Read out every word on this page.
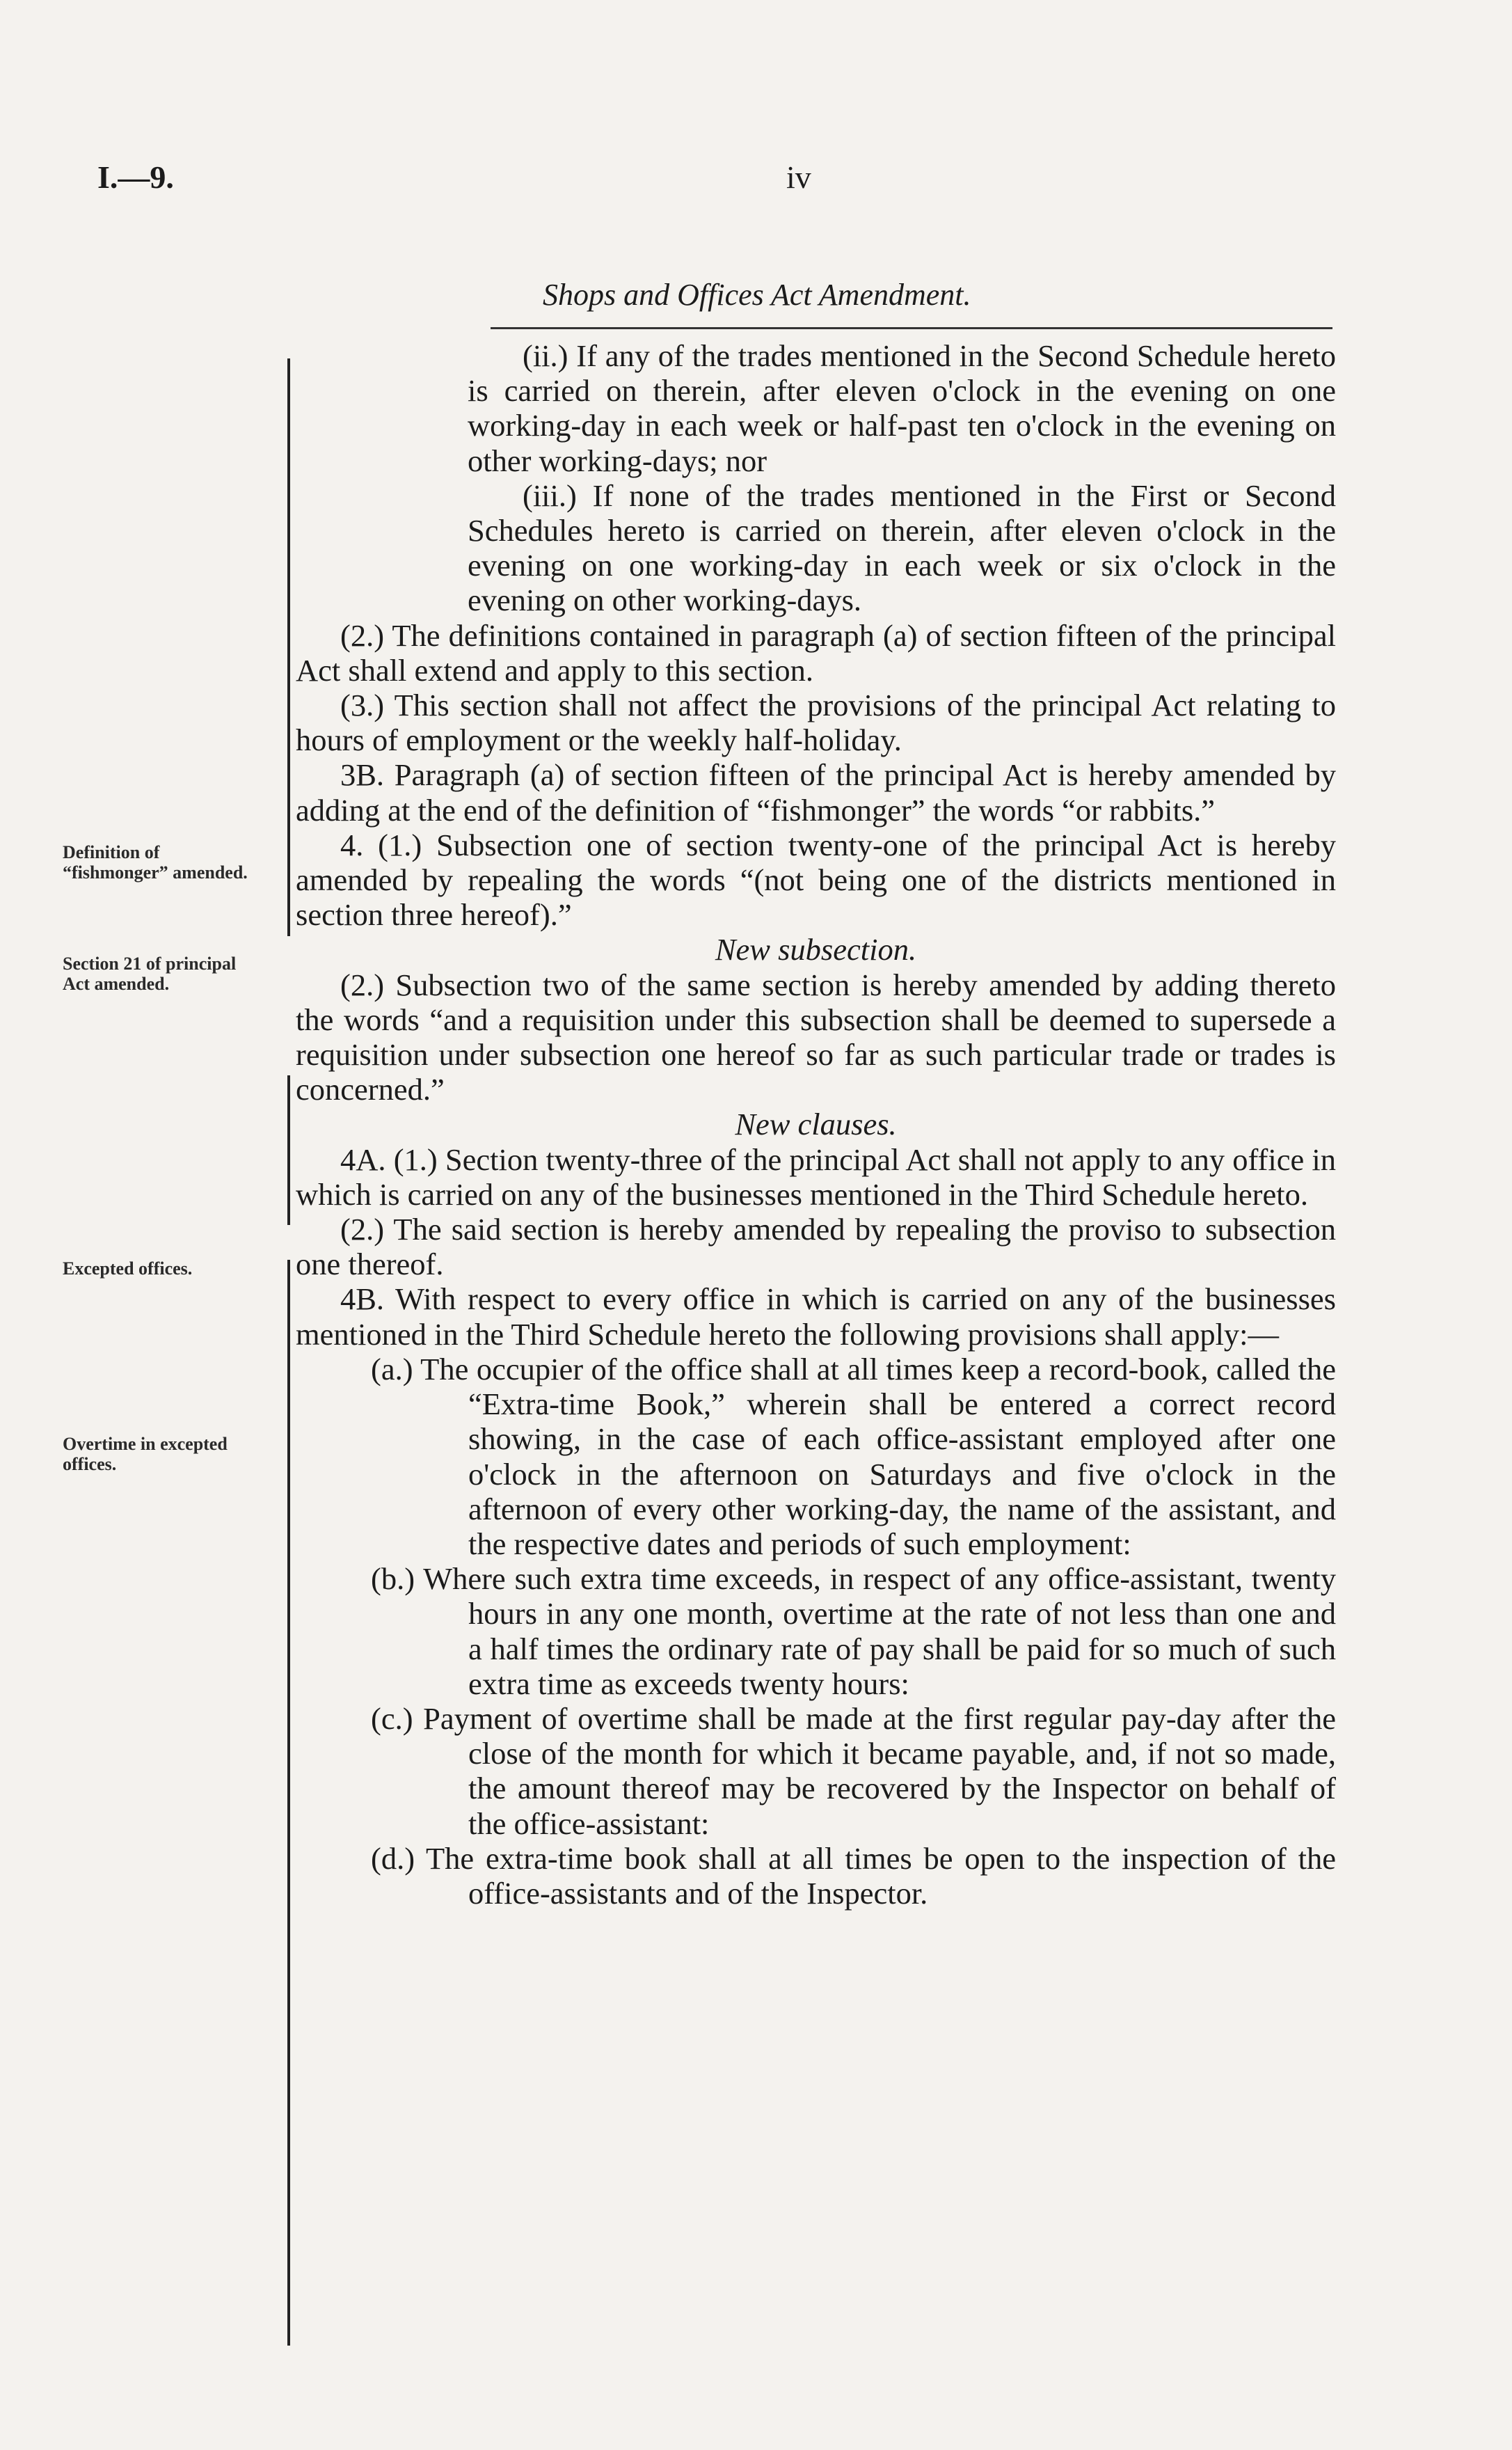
I.—9.	iv
Shops and Offices Act Amendment.
Definition of “fishmonger” amended.
Section 21 of principal Act amended.
Excepted offices.
Overtime in excepted offices.

(ii.) If any of the trades mentioned in the Second Schedule hereto is carried on therein, after eleven o'clock in the evening on one working-day in each week or half-past ten o'clock in the evening on other working-days; nor

(iii.) If none of the trades mentioned in the First or Second Schedules hereto is carried on therein, after eleven o'clock in the evening on one working-day in each week or six o'clock in the evening on other working-days.

(2.) The definitions contained in paragraph (a) of section fifteen of the principal Act shall extend and apply to this section.

(3.) This section shall not affect the provisions of the principal Act relating to hours of employment or the weekly half-holiday.

3B. Paragraph (a) of section fifteen of the principal Act is hereby amended by adding at the end of the definition of “fishmonger” the words “or rabbits.”

4. (1.) Subsection one of section twenty-one of the principal Act is hereby amended by repealing the words “(not being one of the districts mentioned in section three hereof).”

New subsection.

(2.) Subsection two of the same section is hereby amended by adding thereto the words “and a requisition under this subsection shall be deemed to supersede a requisition under subsection one hereof so far as such particular trade or trades is concerned.”

New clauses.

4A. (1.) Section twenty-three of the principal Act shall not apply to any office in which is carried on any of the businesses mentioned in the Third Schedule hereto.

(2.) The said section is hereby amended by repealing the proviso to subsection one thereof.

4B. With respect to every office in which is carried on any of the businesses mentioned in the Third Schedule hereto the following provisions shall apply:—

(a.) The occupier of the office shall at all times keep a record-book, called the “Extra-time Book,” wherein shall be entered a correct record showing, in the case of each office-assistant employed after one o'clock in the afternoon on Saturdays and five o'clock in the afternoon of every other working-day, the name of the assistant, and the respective dates and periods of such employment:

(b.) Where such extra time exceeds, in respect of any office-assistant, twenty hours in any one month, overtime at the rate of not less than one and a half times the ordinary rate of pay shall be paid for so much of such extra time as exceeds twenty hours:

(c.) Payment of overtime shall be made at the first regular pay-day after the close of the month for which it became payable, and, if not so made, the amount thereof may be recovered by the Inspector on behalf of the office-assistant:

(d.) The extra-time book shall at all times be open to the inspection of the office-assistants and of the Inspector.
